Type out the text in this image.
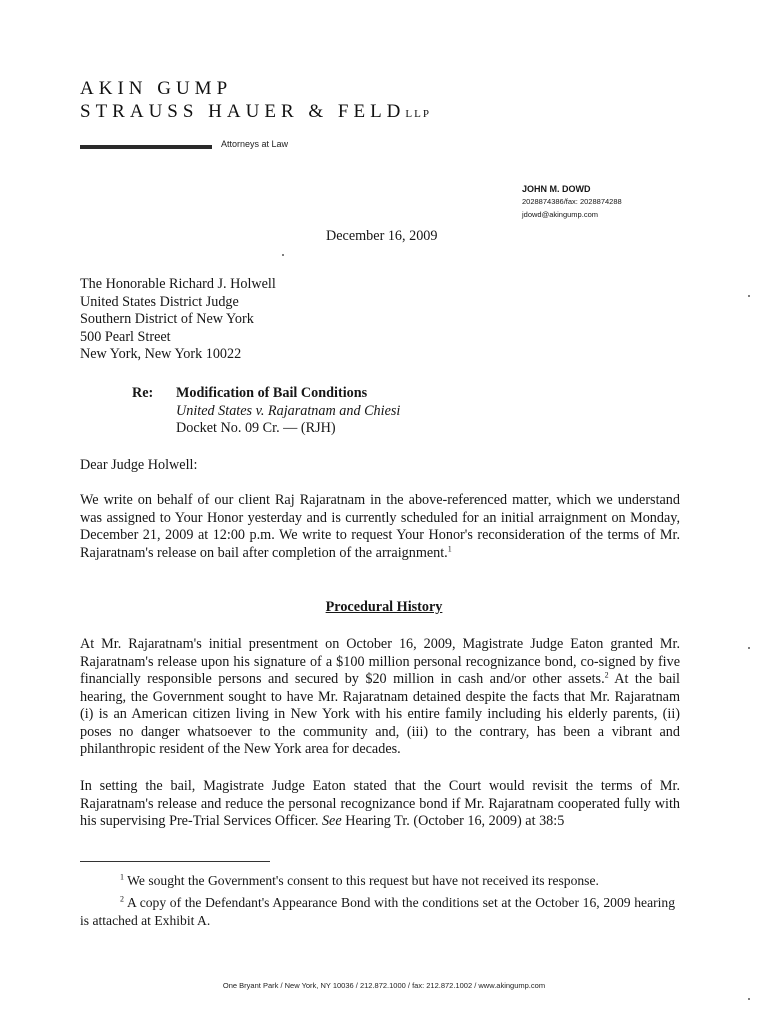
AKIN GUMP
STRAUSS HAUER & FELDLLP
Attorneys at Law
JOHN M. DOWD
2028874386/fax: 2028874288
jdowd@akingump.com
December 16, 2009
The Honorable Richard J. Holwell
United States District Judge
Southern District of New York
500 Pearl Street
New York, New York 10022
Re: Modification of Bail Conditions
United States v. Rajaratnam and Chiesi
Docket No. 09 Cr. — (RJH)
Dear Judge Holwell:

We write on behalf of our client Raj Rajaratnam in the above-referenced matter, which we understand was assigned to Your Honor yesterday and is currently scheduled for an initial arraignment on Monday, December 21, 2009 at 12:00 p.m. We write to request Your Honor's reconsideration of the terms of Mr. Rajaratnam's release on bail after completion of the arraignment.$^1$

Procedural History

At Mr. Rajaratnam's initial presentment on October 16, 2009, Magistrate Judge Eaton granted Mr. Rajaratnam's release upon his signature of a $100 million personal recognizance bond, co-signed by five financially responsible persons and secured by $20 million in cash and/or other assets.$^2$ At the bail hearing, the Government sought to have Mr. Rajaratnam detained despite the facts that Mr. Rajaratnam (i) is an American citizen living in New York with his entire family including his elderly parents, (ii) poses no danger whatsoever to the community and, (iii) to the contrary, has been a vibrant and philanthropic resident of the New York area for decades.

In setting the bail, Magistrate Judge Eaton stated that the Court would revisit the terms of Mr. Rajaratnam's release and reduce the personal recognizance bond if Mr. Rajaratnam cooperated fully with his supervising Pre-Trial Services Officer. See Hearing Tr. (October 16, 2009) at 38:5

$^1$ We sought the Government's consent to this request but have not received its response.

$^2$ A copy of the Defendant's Appearance Bond with the conditions set at the October 16, 2009 hearing is attached at Exhibit A.

One Bryant Park / New York, NY 10036 / 212.872.1000 / fax: 212.872.1002 / www.akingump.com
